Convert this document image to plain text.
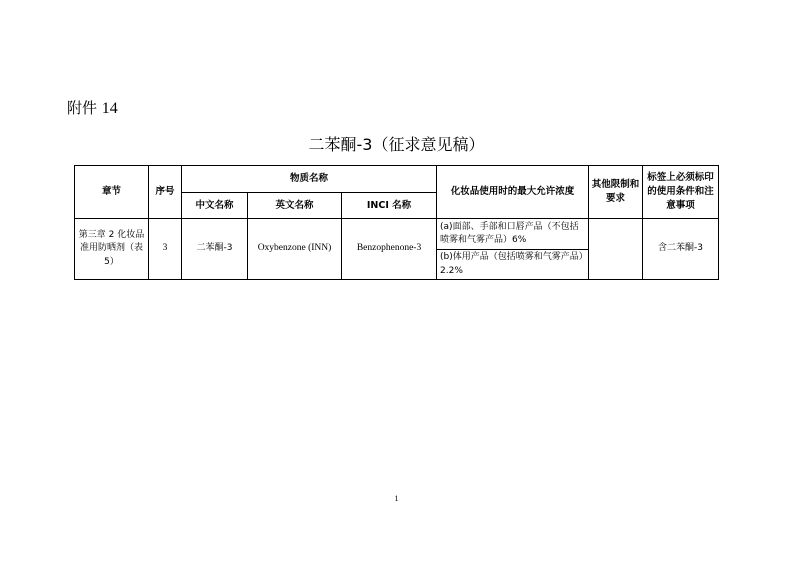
附件 14
二苯酮-3（征求意见稿）
章节	序号	物质名称			化妆品使用时的最大允许浓度	其他限制和要求	标签上必须标印的使用条件和注意事项
		中文名称	英文名称	INCI 名称			
第三章 2 化妆品准用防晒剂（表 5）	3	二苯酮-3	Oxybenzone (INN)	Benzophenone-3	(a)面部、手部和口唇产品（不包括喷雾和气雾产品）6%		含二苯酮-3
					(b)体用产品（包括喷雾和气雾产品）2.2%		
1
